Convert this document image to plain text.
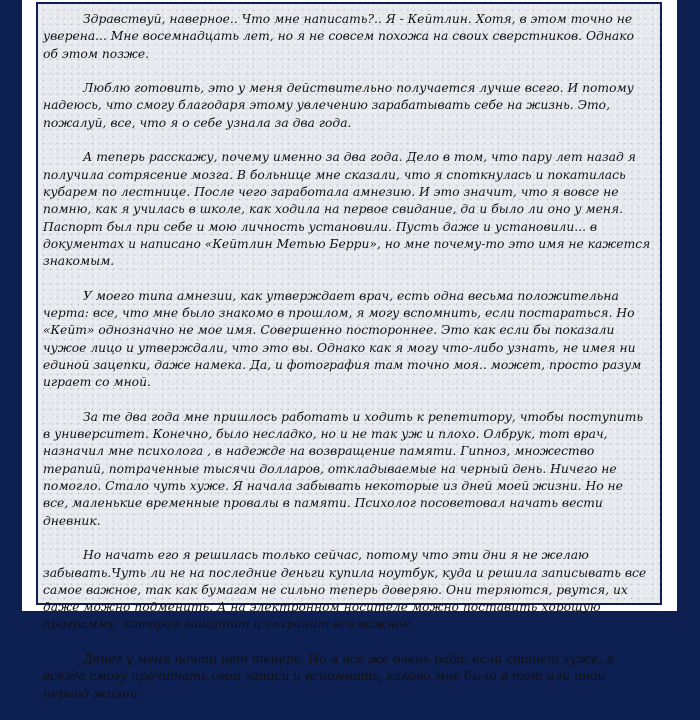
Здравствуй, наверное.. Что мне написать?.. Я - Кейтлин. Хотя, в этом точно не уверена... Мне восемнадцать лет, но я не совсем похожа на своих сверстников. Однако об этом позже.

Люблю готовить, это у меня действительно получается лучше всего. И потому надеюсь, что смогу благодаря этому увлечению зарабатывать себе на жизнь. Это, пожалуй, все, что я о себе узнала за два года.

А теперь расскажу, почему именно за два года. Дело в том, что пару лет назад я получила сотрясение мозга. В больнице мне сказали, что я споткнулась и покатилась кубарем по лестнице. После чего заработала амнезию. И это значит, что я вовсе не помню, как я училась в школе, как ходила на первое свидание, да и было ли оно у меня. Паспорт был при себе и мою личность установили. Пусть даже и установили... в документах и написано «Кейтлин Метью Берри», но мне почему-то это имя не кажется знакомым.

У моего типа амнезии, как утверждает врач, есть одна весьма положительна черта: все, что мне было знакомо в прошлом, я могу вспомнить, если постараться. Но «Кейт» однозначно не мое имя. Совершенно постороннее. Это как если бы показали чужое лицо и утверждали, что это вы. Однако как я могу что-либо узнать, не имея ни единой зацепки, даже намека. Да, и фотография там точно моя.. может, просто разум играет со мной.

За те два года мне пришлось работать и ходить к репетитору, чтобы поступить в университет. Конечно, было несладко, но и не так уж и плохо. Олбрук, тот врач, назначил мне психолога , в надежде на возвращение памяти. Гипноз, множество терапий, потраченные тысячи долларов, откладываемые на черный день. Ничего не помогло. Стало чуть хуже. Я начала забывать некоторые из дней моей жизни. Но не все, маленькие временные провалы в памяти. Психолог посоветовал начать вести дневник.

Но начать его я решилась только сейчас, потому что эти дни я не желаю забывать.Чуть ли не на последние деньги купила ноутбук, куда и решила записывать все самое важное, так как бумагам не сильно теперь доверяю. Они теряются, рвутся, их даже можно подменить. А на электронном носителе можно поставить хорошую программу, которая защитит и сохранит все важное.

Денег у меня почти нет теперь. Но я все же очень рада: если станет хуже, я всегда смогу прочитать свои записи и вспомнить, каково мне было в тот или иной период жизни.
